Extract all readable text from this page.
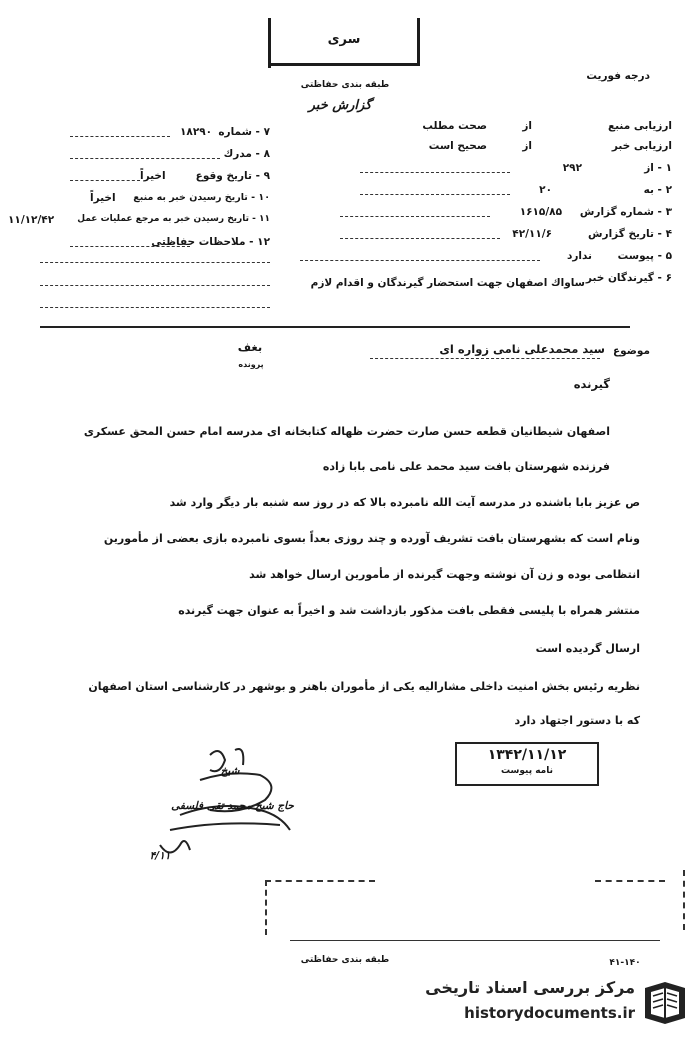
سری
طبقه بندی حفاظتی
گزارش خبر
درجه فوریت
۷ - شماره
۱۸۲۹۰
۸ - مدرك
۹ - تاریخ وقوع
اخیراً
۱۰ - تاریخ رسیدن خبر به منبع
اخیراً
۱۱ - تاریخ رسیدن خبر به مرجع عملیات عمل
۱۱/۱۲/۴۲
۱۲ - ملاحظات حفاظتی
ارزیابی منبع
از
صحت مطلب
ارزیابی خبر
از
صحیح است
۱ - از
۲۹۲
۲ - به
۲۰
۳ - شماره گزارش
۱۶۱۵/۸۵
۴ - تاریخ گزارش
۴۲/۱۱/۶
۵ - پیوست
ندارد
۶ - گیرندگان خبر
ساواك اصفهان جهت استحضار گیرندگان و اقدام لازم
موضوع
سید محمدعلی نامی زواره ای
بغف
پرونده
گیرنده
اصفهان شیطانیان قطعه حسن صارت حضرت ظهاله کتابخانه ای مدرسه امام حسن المحق عسکری
فرزنده شهرستان بافت سید محمد علی نامی بابا زاده
ص عزیز بابا باشنده در مدرسه آیت الله نامبرده بالا که در روز سه شنبه بار دیگر وارد شد
ونام است که بشهرستان بافت تشریف آورده و چند روزی بعداً بسوی نامبرده بازی بعضی از مأمورین
انتظامی بوده و زن آن نوشته وجهت گیرنده از مأمورین ارسال خواهد شد
منتشر همراه با پلیسی فقطی بافت مذکور بازداشت شد و اخیراً به عنوان جهت گیرنده
ارسال گردیده است
نظریه رئیس بخش امنیت داخلی مشارالیه یکی از مأموران باهنر و بوشهر در کارشناسی استان اصفهان
که با دستور اجتهاد دارد
۱۳۴۲/۱۱/۱۲
نامه پیوست
شیخ
حاج شیخ محمد تقی فلسفی
۴/۱۱
طبقه بندی حفاظتی	۴۱-۱۴۰
مرکز بررسی اسناد تاریخی
historydocuments.ir
